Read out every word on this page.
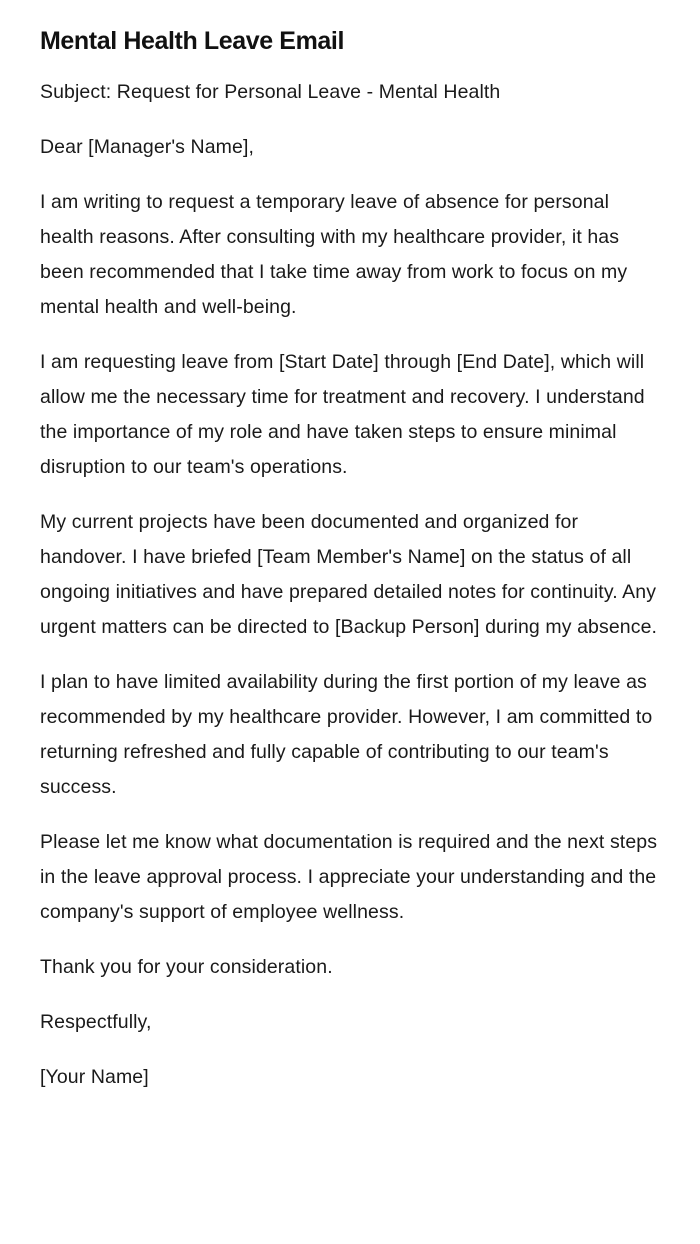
Mental Health Leave Email

Subject: Request for Personal Leave - Mental Health

Dear [Manager's Name],

I am writing to request a temporary leave of absence for personal health reasons. After consulting with my healthcare provider, it has been recommended that I take time away from work to focus on my mental health and well-being.

I am requesting leave from [Start Date] through [End Date], which will allow me the necessary time for treatment and recovery. I understand the importance of my role and have taken steps to ensure minimal disruption to our team's operations.

My current projects have been documented and organized for handover. I have briefed [Team Member's Name] on the status of all ongoing initiatives and have prepared detailed notes for continuity. Any urgent matters can be directed to [Backup Person] during my absence.

I plan to have limited availability during the first portion of my leave as recommended by my healthcare provider. However, I am committed to returning refreshed and fully capable of contributing to our team's success.

Please let me know what documentation is required and the next steps in the leave approval process. I appreciate your understanding and the company's support of employee wellness.

Thank you for your consideration.

Respectfully,

[Your Name]
